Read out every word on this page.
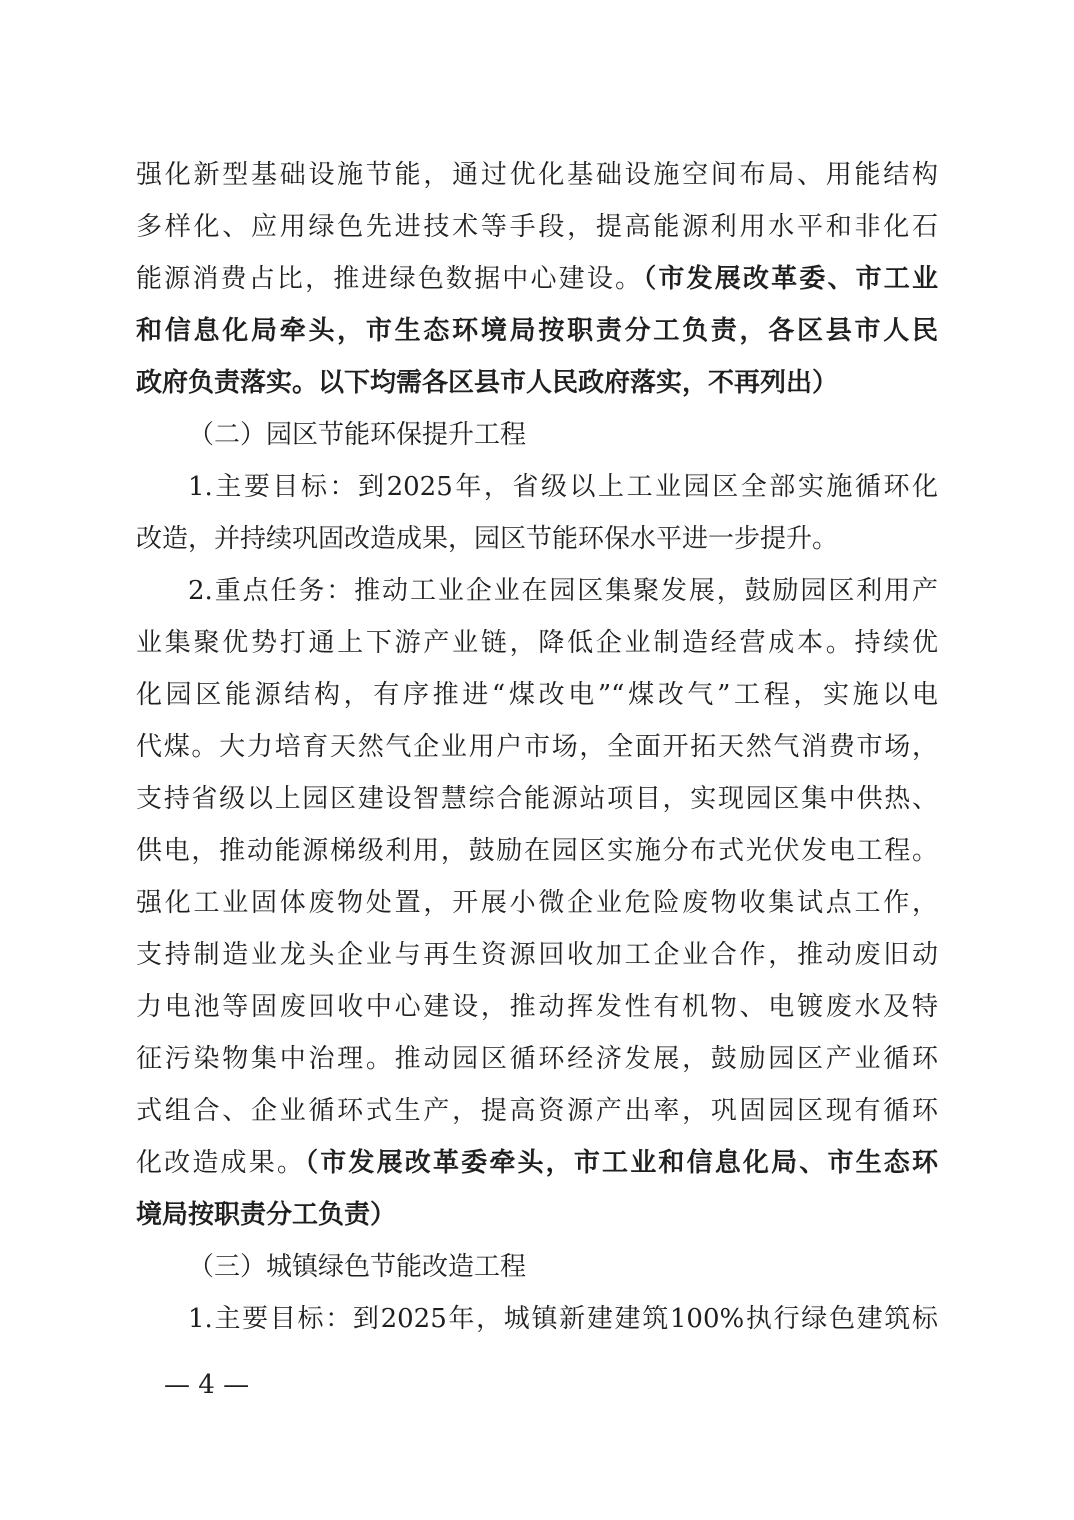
强化新型基础设施节能，通过优化基础设施空间布局、用能结构
多样化、应用绿色先进技术等手段，提高能源利用水平和非化石
能源消费占比，推进绿色数据中心建设。（市发展改革委、市工业
和信息化局牵头，市生态环境局按职责分工负责，各区县市人民
政府负责落实。以下均需各区县市人民政府落实，不再列出）
（二）园区节能环保提升工程
1.主要目标：到2025年，省级以上工业园区全部实施循环化
改造，并持续巩固改造成果，园区节能环保水平进一步提升。
2.重点任务：推动工业企业在园区集聚发展，鼓励园区利用产
业集聚优势打通上下游产业链，降低企业制造经营成本。持续优
化园区能源结构，有序推进“煤改电”“煤改气”工程，实施以电
代煤。大力培育天然气企业用户市场，全面开拓天然气消费市场，
支持省级以上园区建设智慧综合能源站项目，实现园区集中供热、
供电，推动能源梯级利用，鼓励在园区实施分布式光伏发电工程。
强化工业固体废物处置，开展小微企业危险废物收集试点工作，
支持制造业龙头企业与再生资源回收加工企业合作，推动废旧动
力电池等固废回收中心建设，推动挥发性有机物、电镀废水及特
征污染物集中治理。推动园区循环经济发展，鼓励园区产业循环
式组合、企业循环式生产，提高资源产出率，巩固园区现有循环
化改造成果。（市发展改革委牵头，市工业和信息化局、市生态环
境局按职责分工负责）
（三）城镇绿色节能改造工程
1.主要目标：到2025年，城镇新建建筑100%执行绿色建筑标
— 4 —
